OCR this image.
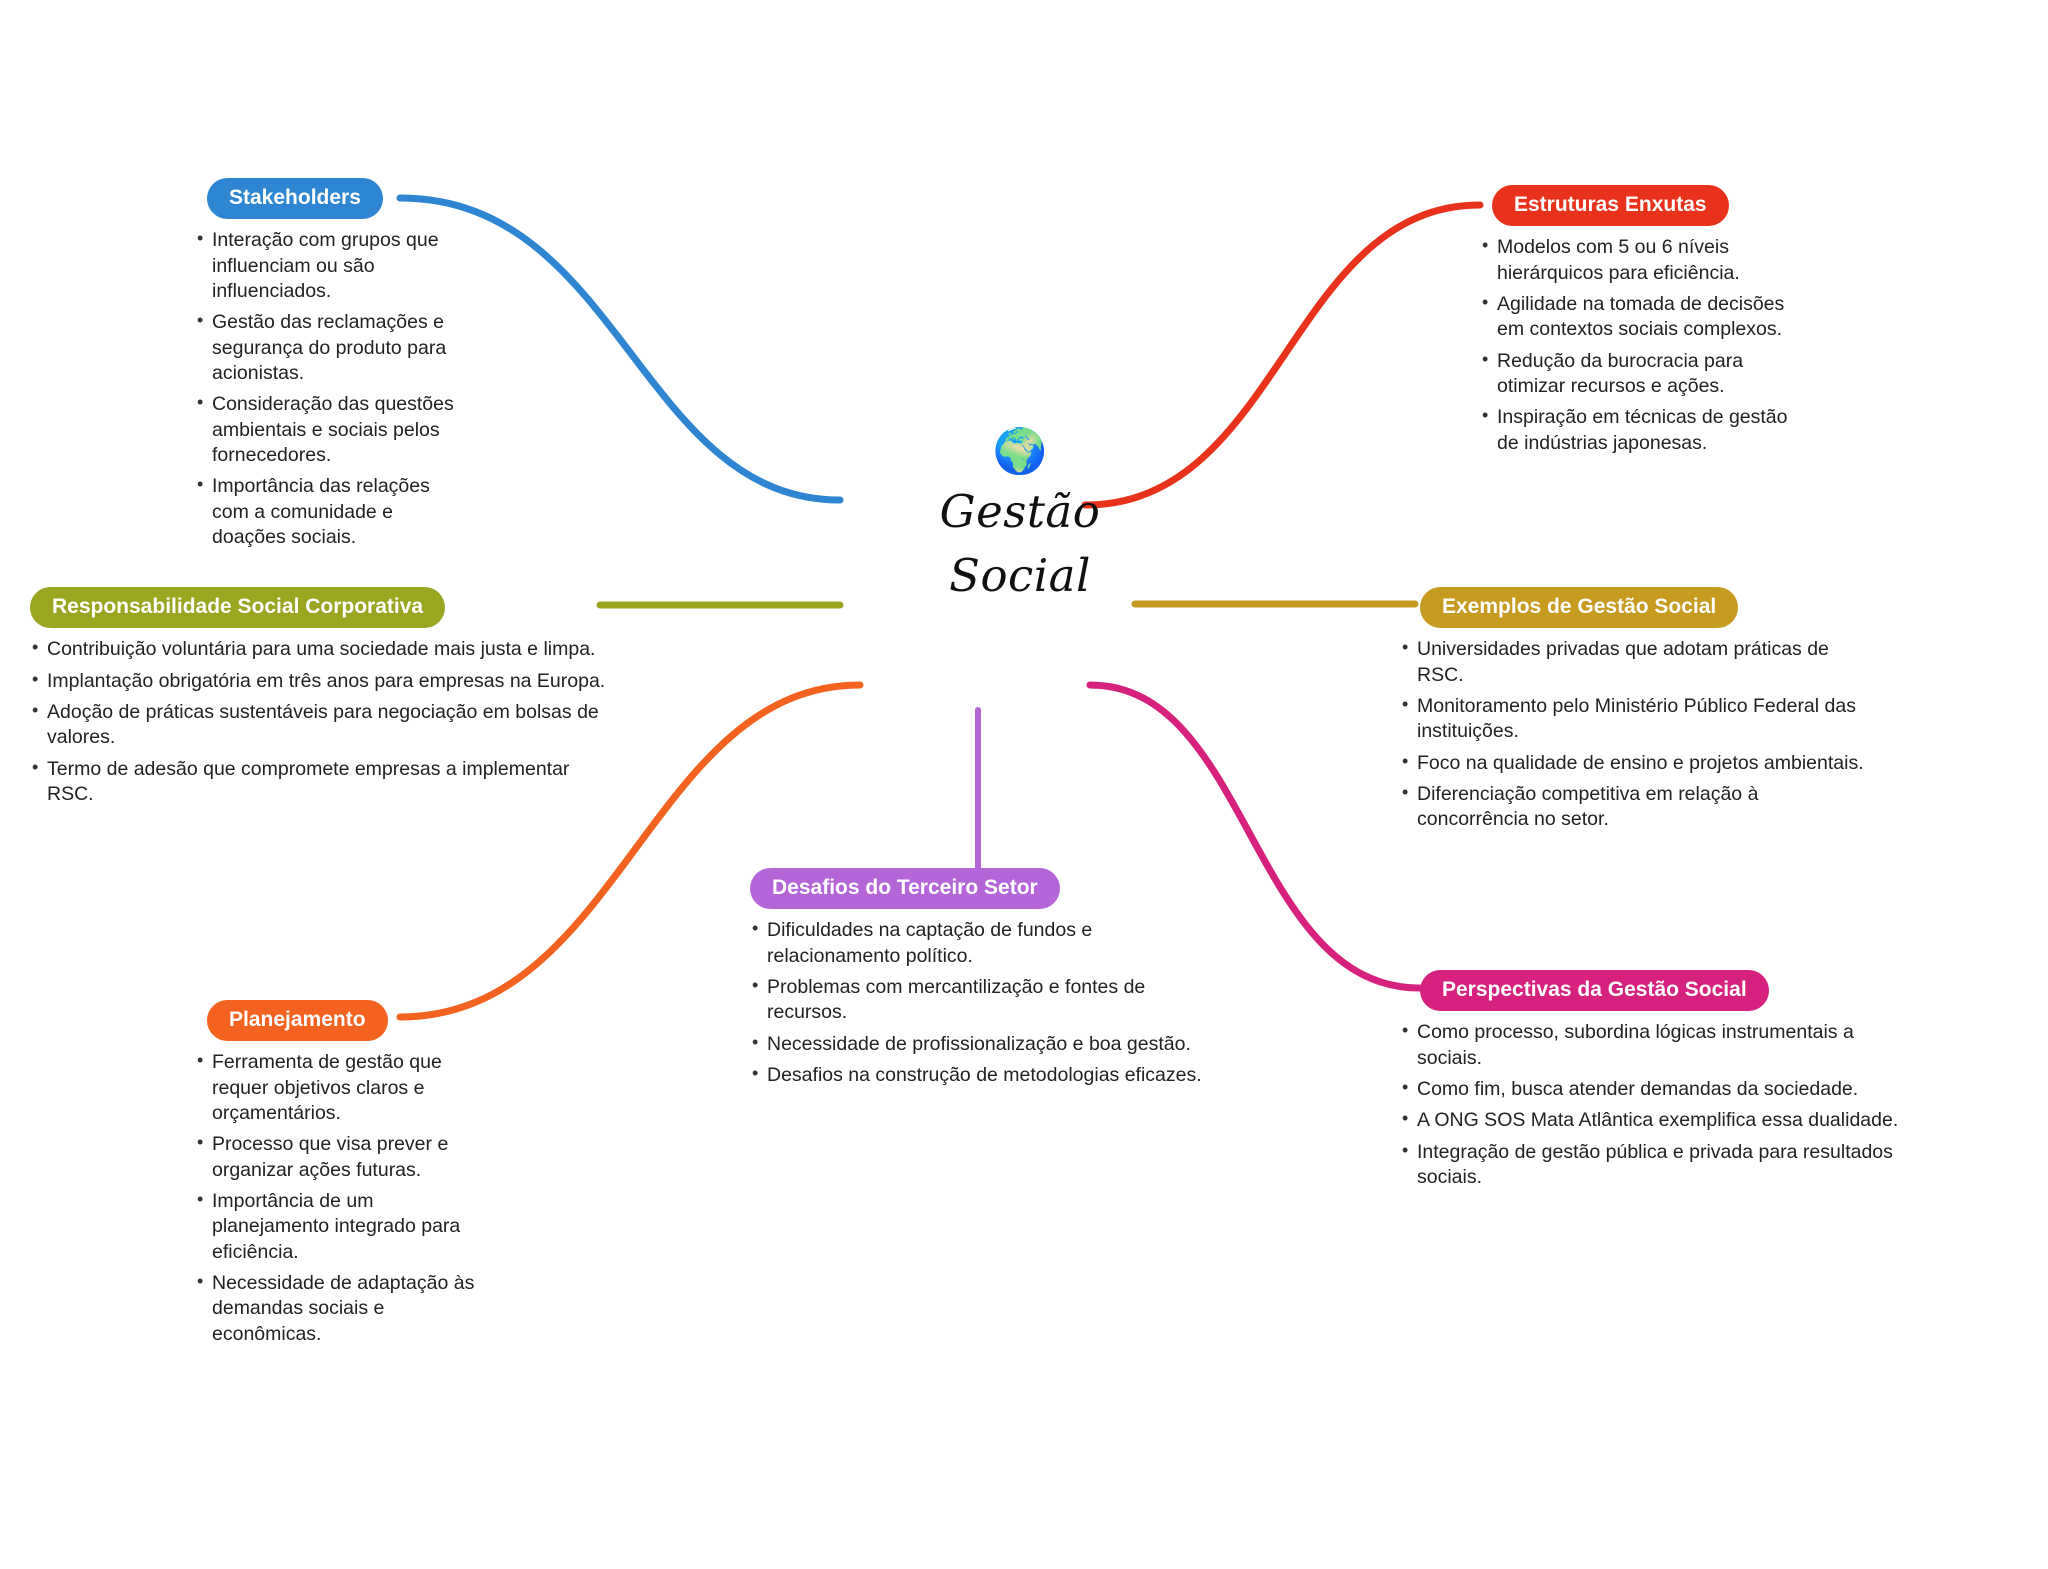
🌍
Gestão
Social
Stakeholders
• Interação com grupos que influenciam ou são influenciados.
• Gestão das reclamações e segurança do produto para acionistas.
• Consideração das questões ambientais e sociais pelos fornecedores.
• Importância das relações com a comunidade e doações sociais.
Responsabilidade Social Corporativa
• Contribuição voluntária para uma sociedade mais justa e limpa.
• Implantação obrigatória em três anos para empresas na Europa.
• Adoção de práticas sustentáveis para negociação em bolsas de valores.
• Termo de adesão que compromete empresas a implementar RSC.
Planejamento
• Ferramenta de gestão que requer objetivos claros e orçamentários.
• Processo que visa prever e organizar ações futuras.
• Importância de um planejamento integrado para eficiência.
• Necessidade de adaptação às demandas sociais e econômicas.
Desafios do Terceiro Setor
• Dificuldades na captação de fundos e relacionamento político.
• Problemas com mercantilização e fontes de recursos.
• Necessidade de profissionalização e boa gestão.
• Desafios na construção de metodologias eficazes.
Estruturas Enxutas
• Modelos com 5 ou 6 níveis hierárquicos para eficiência.
• Agilidade na tomada de decisões em contextos sociais complexos.
• Redução da burocracia para otimizar recursos e ações.
• Inspiração em técnicas de gestão de indústrias japonesas.
Exemplos de Gestão Social
• Universidades privadas que adotam práticas de RSC.
• Monitoramento pelo Ministério Público Federal das instituições.
• Foco na qualidade de ensino e projetos ambientais.
• Diferenciação competitiva em relação à concorrência no setor.
Perspectivas da Gestão Social
• Como processo, subordina lógicas instrumentais a sociais.
• Como fim, busca atender demandas da sociedade.
• A ONG SOS Mata Atlântica exemplifica essa dualidade.
• Integração de gestão pública e privada para resultados sociais.
